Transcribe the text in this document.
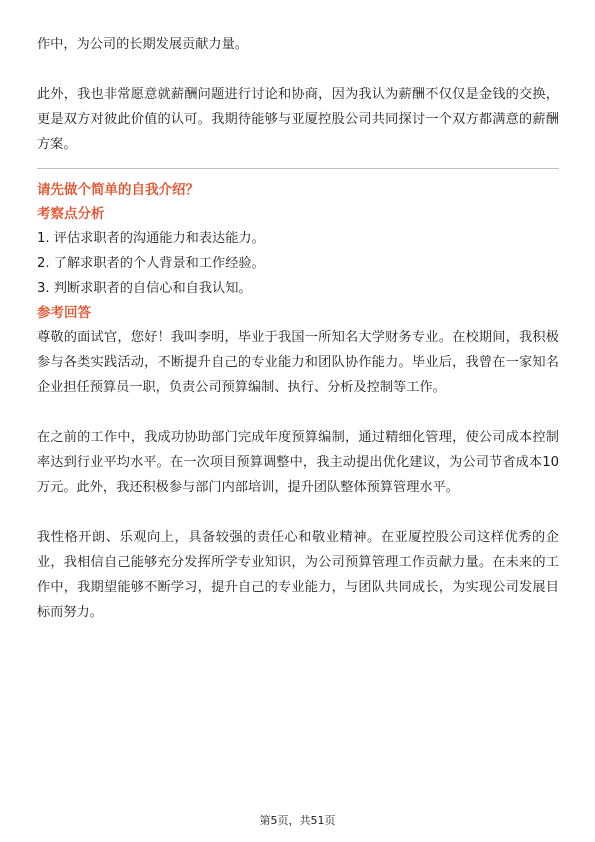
作中，为公司的长期发展贡献力量。

此外，我也非常愿意就薪酬问题进行讨论和协商，因为我认为薪酬不仅仅是金钱的交换，更是双方对彼此价值的认可。我期待能够与亚厦控股公司共同探讨一个双方都满意的薪酬方案。

请先做个简单的自我介绍？
考察点分析
1. 评估求职者的沟通能力和表达能力。
2. 了解求职者的个人背景和工作经验。
3. 判断求职者的自信心和自我认知。
参考回答

尊敬的面试官，您好！我叫李明，毕业于我国一所知名大学财务专业。在校期间，我积极参与各类实践活动，不断提升自己的专业能力和团队协作能力。毕业后，我曾在一家知名企业担任预算员一职，负责公司预算编制、执行、分析及控制等工作。

在之前的工作中，我成功协助部门完成年度预算编制，通过精细化管理，使公司成本控制率达到行业平均水平。在一次项目预算调整中，我主动提出优化建议，为公司节省成本10万元。此外，我还积极参与部门内部培训，提升团队整体预算管理水平。

我性格开朗、乐观向上，具备较强的责任心和敬业精神。在亚厦控股公司这样优秀的企业，我相信自己能够充分发挥所学专业知识，为公司预算管理工作贡献力量。在未来的工作中，我期望能够不断学习，提升自己的专业能力，与团队共同成长，为实现公司发展目标而努力。

第5页，共51页
